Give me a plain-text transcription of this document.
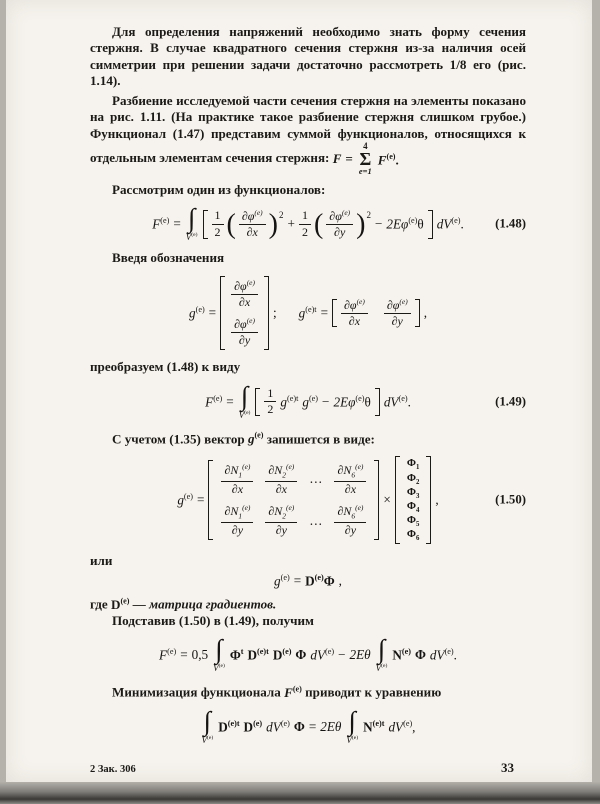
Для определения напряжений необходимо знать форму сечения стержня. В случае квадратного сечения стержня из-за наличия осей симметрии при решении задачи достаточно рассмотреть 1/8 его (рис. 1.14).

Разбиение исследуемой части сечения стержня на элементы показано на рис. 1.11. (На практике такое разбиение стержня слишком грубое.) Функционал (1.47) представим суммой функционалов, относящихся к отдельным элементам сечения стержня: F =
4
Σ
e=1
$F^{(e)}$.

Рассмотрим один из функционалов:

$F^{(e)}$ = ∫
$V^{(e)} \frac{1}{2}$ ( $\frac{\partial\varphi^{(e)}}{\partial x} )^2$
+ $\frac{1}{2}$ ( $\frac{\partial\varphi^{(e)}}{\partial y} )^2$
− $2E\varphi^{(e)}\theta$ $dV^{(e)}$. (1.48)

Введя обозначения

$g^{(e)}$ =
$\frac{\partial\varphi^{(e)}}{\partial x}$
$\frac{\partial\varphi^{(e)}}{\partial y}$
; $g^{(e)t} = \frac{\partial\varphi^{(e)}}{\partial x} \frac{\partial\varphi^{(e)}}{\partial y}$ ,

преобразуем (1.48) к виду

$F^{(e)}$ = ∫
$V^{(e)} \frac{1}{2} g^{(e)t}$ $g^{(e)} - 2E\varphi^{(e)}\theta$ $dV^{(e)}$.	(1.49)

С учетом (1.35) вектор $g^{(e)}$ запишется в виде:

$g^{(e)}$ =
$\frac{\partial N_1^{(e)}}{\partial x} \frac{\partial N_2^{(e)}}{\partial x}$ … $\frac{\partial N_6^{(e)}}{\partial x}$
$\frac{\partial N_1^{(e)}}{\partial y} \frac{\partial N_2^{(e)}}{\partial y}$ … $\frac{\partial N_6^{(e)}}{\partial y}$
×
$\Phi_1$
$\Phi_2$
$\Phi_3$
$\Phi_4$
$\Phi_5$
$\Phi_6$
,	(1.50)

или

$g^{(e)} = D^{(e)}\Phi$ ,

где $D^{(e)}$ — матрица градиентов.

Подставив (1.50) в (1.49), получим

$F^{(e)} = 0,5$ ∫
$V^{(e)}$
$\Phi^t$ $D^{(e)t}$ $D^{(e)}$ Φ $dV^{(e)} - 2E\theta$ ∫
$V^{(e)}$
$N^{(e)}$ Φ $dV^{(e)}$.

Минимизация функционала $F^{(e)}$ приводит к уравнению

∫
$V^{(e)}$
$D^{(e)t}$ $D^{(e)}$ $dV^{(e)}$ Φ = 2Eθ ∫
$V^{(e)}$
$N^{(e)t}$ $dV^{(e)}$,
2 Зак. 306	33
